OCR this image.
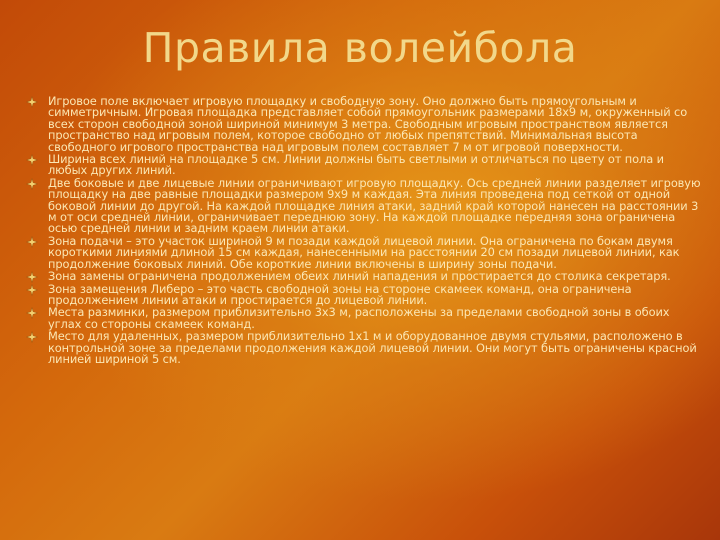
Правила волейбола
Игровое поле включает игровую площадку и свободную зону. Оно должно быть прямоугольным и симметричным. Игровая площадка представляет собой прямоугольник размерами 18х9 м, окруженный со всех сторон свободной зоной шириной минимум 3 метра. Свободным игровым пространством является пространство над игровым полем, которое свободно от любых препятствий. Минимальная высота свободного игрового пространства над игровым полем составляет 7 м от игровой поверхности.
Ширина всех линий на площадке 5 см. Линии должны быть светлыми и отличаться по цвету от пола и любых других линий.
Две боковые и две лицевые линии ограничивают игровую площадку. Ось средней линии разделяет игровую площадку на две равные площадки размером 9х9 м каждая. Эта линия проведена под сеткой от одной боковой линии до другой. На каждой площадке линия атаки, задний край которой нанесен на расстоянии 3 м от оси средней линии, ограничивает переднюю зону. На каждой площадке передняя зона ограничена осью средней линии и задним краем линии атаки.
Зона подачи – это участок шириной 9 м позади каждой лицевой линии. Она ограничена по бокам двумя короткими линиями длиной 15 см каждая, нанесенными на расстоянии 20 см позади лицевой линии, как продолжение боковых линий. Обе короткие линии включены в ширину зоны подачи.
Зона замены ограничена продолжением обеих линий нападения и простирается до столика секретаря.
Зона замещения Либеро – это часть свободной зоны на стороне скамеек команд, она ограничена продолжением линии атаки и простирается до лицевой линии.
Места разминки, размером приблизительно 3х3 м, расположены за пределами свободной зоны в обоих углах со стороны скамеек команд.
Место для удаленных, размером приблизительно 1х1 м и оборудованное двумя стульями, расположено в контрольной зоне за пределами продолжения каждой лицевой линии. Они могут быть ограничены красной линией шириной 5 см.
